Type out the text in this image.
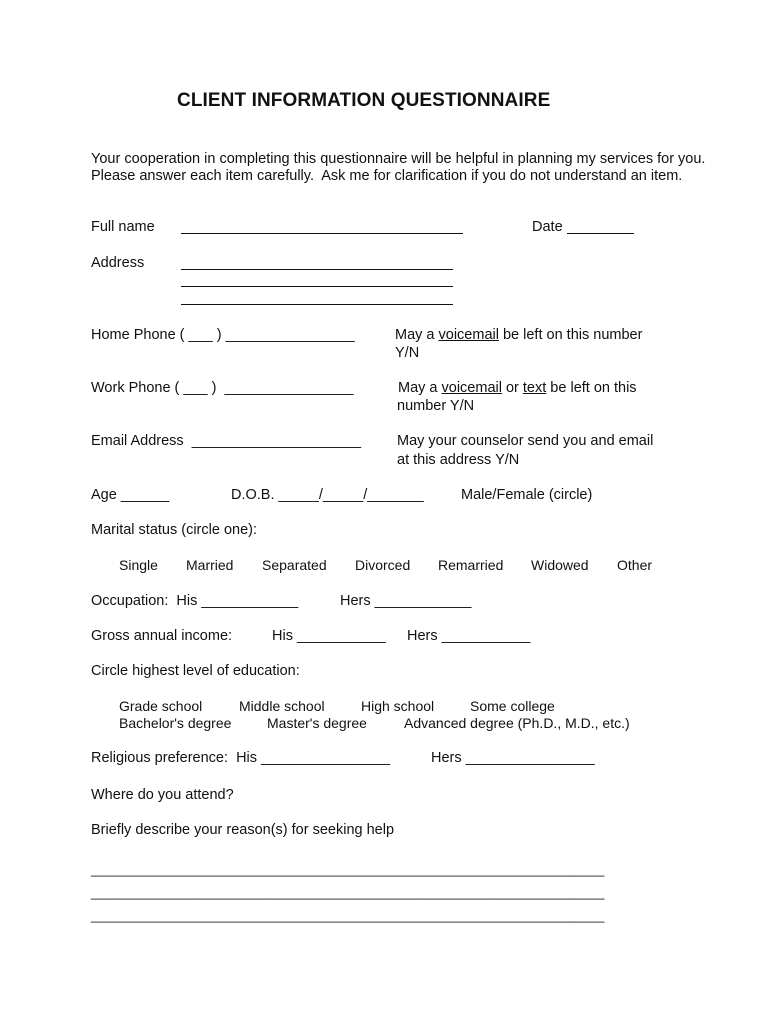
CLIENT INFORMATION QUESTIONNAIRE
Your cooperation in completing this questionnaire will be helpful in planning my services for you.
Please answer each item carefully.  Ask me for clarification if you do not understand an item.
Full name	Date
Address
Home Phone ( ___ ) ________________	May a voicemail be left on this number
Y/N
Work Phone ( ___ )  ________________	May a voicemail or text be left on this
number Y/N
Email Address  _____________________ May your counselor send you and email
at this address Y/N
Age ______	D.O.B. _____/_____/_______	Male/Female (circle)
Marital status (circle one):
Single Married Separated Divorced Remarried Widowed Other
Occupation:  His ____________	Hers ____________
Gross annual income:	His ___________ Hers ___________
Circle highest level of education:
Grade school	Middle school	High school	Some college
Bachelor's degree	Master's degree	Advanced degree (Ph.D., M.D., etc.)
Religious preference:  His ________________	Hers ________________
Where do you attend?
Briefly describe your reason(s) for seeking help
_______________________________________________________________________
_______________________________________________________________________
_______________________________________________________________________
